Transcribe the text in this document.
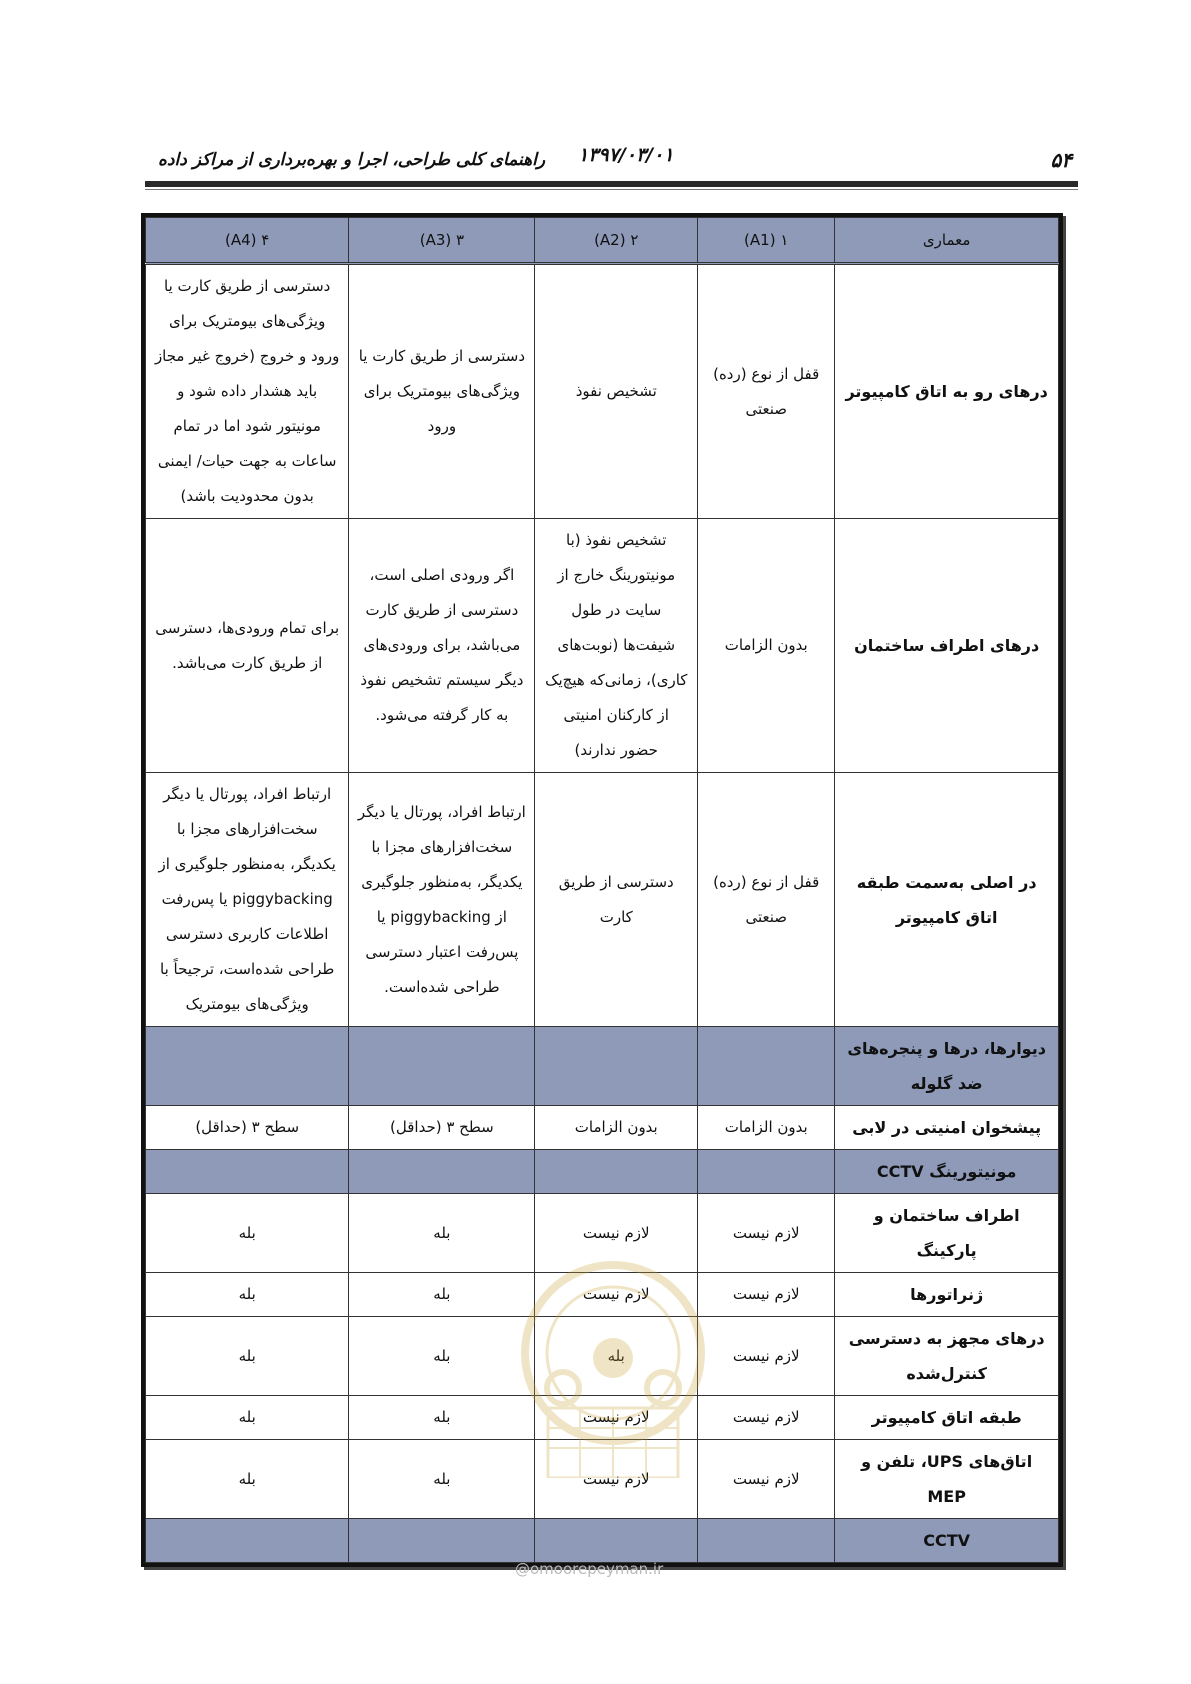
۵۴
۱۳۹۷/۰۳/۰۱
راهنمای کلی طراحی، اجرا و بهره‌برداری از مراکز داده
معماری	۱ (A1)	۲ (A2)	۳ (A3)	۴ (A4)
درهای رو به اتاق کامپیوتر	قفل از نوع (رده) صنعتی	تشخیص نفوذ	دسترسی از طریق کارت یا ویژگی‌های بیومتریک برای ورود	دسترسی از طریق کارت یا ویژگی‌های بیومتریک برای ورود و خروج (خروج غیر مجاز باید هشدار داده شود و مونیتور شود اما در تمام ساعات به جهت حیات/ ایمنی بدون محدودیت باشد)
درهای اطراف ساختمان	بدون الزامات	تشخیص نفوذ (با مونیتورینگ خارج از سایت در طول شیفت‌ها (نوبت‌های کاری)، زمانی‌که هیچ‌یک از کارکنان امنیتی حضور ندارند)	اگر ورودی اصلی است، دسترسی از طریق کارت می‌باشد، برای ورودی‌های دیگر سیستم تشخیص نفوذ به کار گرفته می‌شود.	برای تمام ورودی‌ها، دسترسی از طریق کارت می‌باشد.
در اصلی به‌سمت طبقه اتاق کامپیوتر	قفل از نوع (رده) صنعتی	دسترسی از طریق کارت	ارتباط افراد، پورتال یا دیگر سخت‌افزارهای مجزا با یکدیگر، به‌منظور جلوگیری از piggybacking یا پس‌رفت اعتبار دسترسی طراحی شده‌است.	ارتباط افراد، پورتال یا دیگر سخت‌افزارهای مجزا با یکدیگر، به‌منظور جلوگیری از piggybacking یا پس‌رفت اطلاعات کاربری دسترسی طراحی شده‌است، ترجیحاً با ویژگی‌های بیومتریک
دیوارها، درها و پنجره‌های ضد گلوله				
پیشخوان امنیتی در لابی	بدون الزامات	بدون الزامات	سطح ۳ (حداقل)	سطح ۳ (حداقل)
مونیتورینگ CCTV				
اطراف ساختمان و پارکینگ	لازم نیست	لازم نیست	بله	بله
ژنراتورها	لازم نیست	لازم نیست	بله	بله
درهای مجهز به دسترسی کنترل‌شده	لازم نیست	بله	بله	بله
طبقه اتاق کامپیوتر	لازم نیست	لازم نیست	بله	بله
اتاق‌های UPS، تلفن و MEP	لازم نیست	لازم نیست	بله	بله
CCTV				
@omoorepeyman.ir
